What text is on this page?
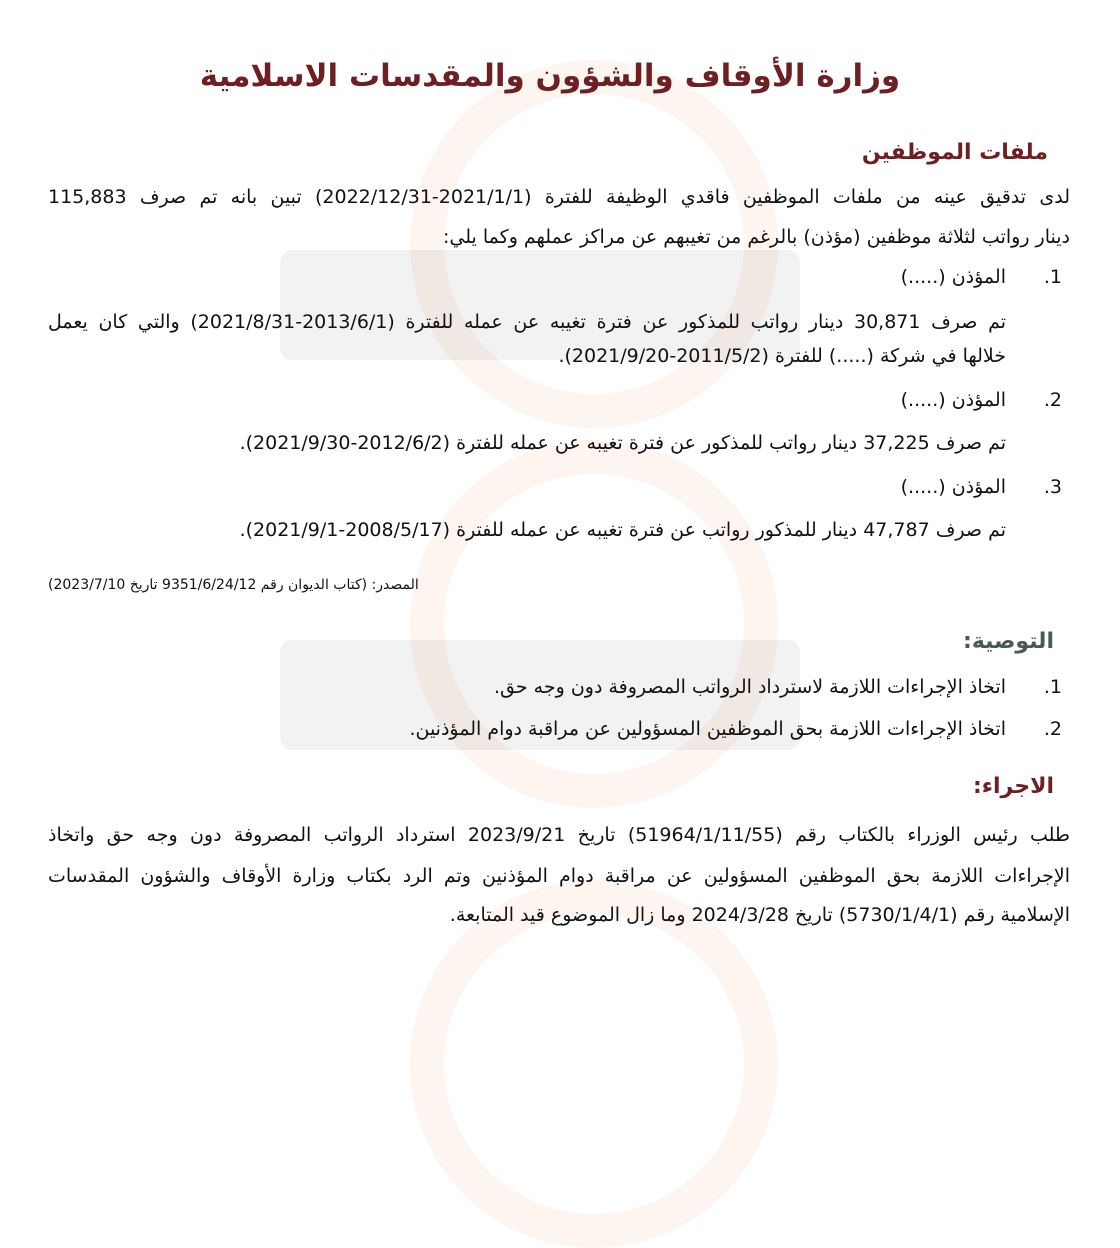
وزارة الأوقاف والشؤون والمقدسات الاسلامية
ملفات الموظفين
لدى تدقيق عينه من ملفات الموظفين فاقدي الوظيفة للفترة (2021/1/1-2022/12/31) تبين بانه تم صرف 115,883
دينار رواتب لثلاثة موظفين (مؤذن) بالرغم من تغيبهم عن مراكز عملهم وكما يلي:
1.
المؤذن (.....)
تم صرف 30,871 دينار رواتب للمذكور عن فترة تغيبه عن عمله للفترة (2013/6/1-2021/8/31) والتي كان يعمل
خلالها في شركة (.....) للفترة (2011/5/2-2021/9/20).
2.
المؤذن (.....)
تم صرف 37,225 دينار رواتب للمذكور عن فترة تغيبه عن عمله للفترة (2012/6/2-2021/9/30).
3.
المؤذن (.....)
تم صرف 47,787 دينار للمذكور رواتب عن فترة تغيبه عن عمله للفترة (2008/5/17-2021/9/1).
المصدر: (كتاب الديوان رقم 9351/6/24/12 تاريخ 2023/7/10)
التوصية:
1.
اتخاذ الإجراءات اللازمة لاسترداد الرواتب المصروفة دون وجه حق.
2.
اتخاذ الإجراءات اللازمة بحق الموظفين المسؤولين عن مراقبة دوام المؤذنين.
الاجراء:
طلب رئيس الوزراء بالكتاب رقم (51964/1/11/55) تاريخ 2023/9/21 استرداد الرواتب المصروفة دون وجه حق واتخاذ
الإجراءات اللازمة بحق الموظفين المسؤولين عن مراقبة دوام المؤذنين وتم الرد بكتاب وزارة الأوقاف والشؤون المقدسات
الإسلامية رقم (5730/1/4/1) تاريخ 2024/3/28 وما زال الموضوع قيد المتابعة.
